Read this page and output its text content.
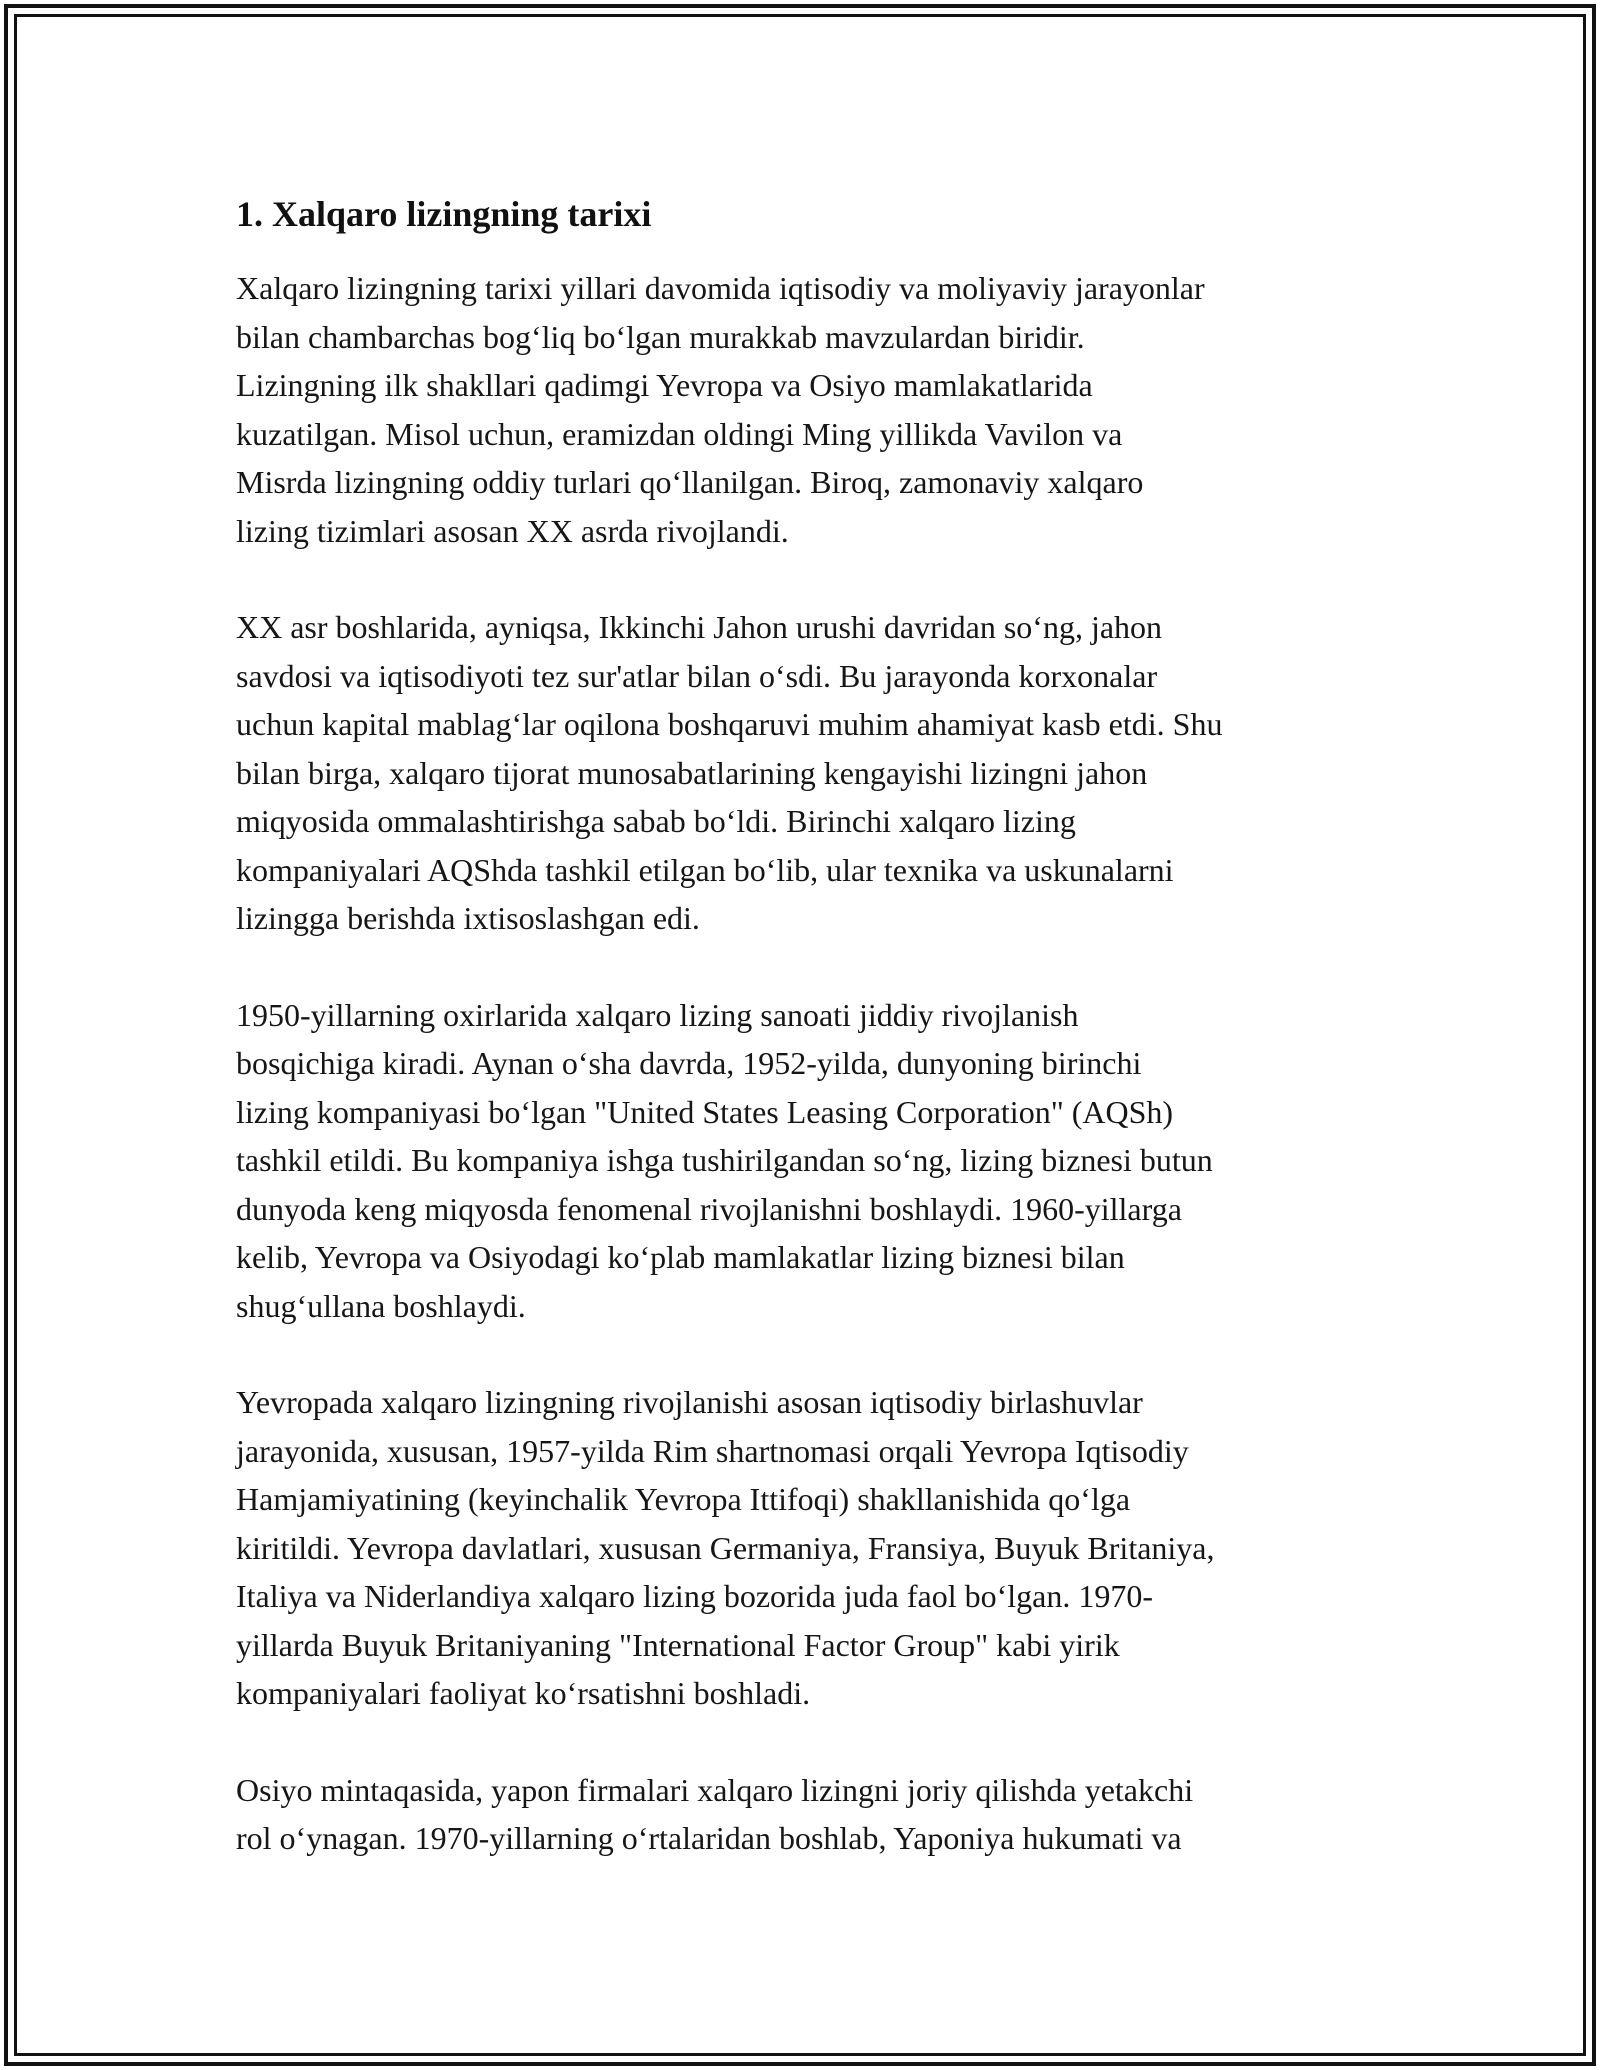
1. Xalqaro lizingning tarixi

Xalqaro lizingning tarixi yillari davomida iqtisodiy va moliyaviy jarayonlar
bilan chambarchas bog‘liq bo‘lgan murakkab mavzulardan biridir.
Lizingning ilk shakllari qadimgi Yevropa va Osiyo mamlakatlarida
kuzatilgan. Misol uchun, eramizdan oldingi Ming yillikda Vavilon va
Misrda lizingning oddiy turlari qo‘llanilgan. Biroq, zamonaviy xalqaro
lizing tizimlari asosan XX asrda rivojlandi.

XX asr boshlarida, ayniqsa, Ikkinchi Jahon urushi davridan so‘ng, jahon
savdosi va iqtisodiyoti tez sur'atlar bilan o‘sdi. Bu jarayonda korxonalar
uchun kapital mablag‘lar oqilona boshqaruvi muhim ahamiyat kasb etdi. Shu
bilan birga, xalqaro tijorat munosabatlarining kengayishi lizingni jahon
miqyosida ommalashtirishga sabab bo‘ldi. Birinchi xalqaro lizing
kompaniyalari AQShda tashkil etilgan bo‘lib, ular texnika va uskunalarni
lizingga berishda ixtisoslashgan edi.

1950-yillarning oxirlarida xalqaro lizing sanoati jiddiy rivojlanish
bosqichiga kiradi. Aynan o‘sha davrda, 1952-yilda, dunyoning birinchi
lizing kompaniyasi bo‘lgan "United States Leasing Corporation" (AQSh)
tashkil etildi. Bu kompaniya ishga tushirilgandan so‘ng, lizing biznesi butun
dunyoda keng miqyosda fenomenal rivojlanishni boshlaydi. 1960-yillarga
kelib, Yevropa va Osiyodagi ko‘plab mamlakatlar lizing biznesi bilan
shug‘ullana boshlaydi.

Yevropada xalqaro lizingning rivojlanishi asosan iqtisodiy birlashuvlar
jarayonida, xususan, 1957-yilda Rim shartnomasi orqali Yevropa Iqtisodiy
Hamjamiyatining (keyinchalik Yevropa Ittifoqi) shakllanishida qo‘lga
kiritildi. Yevropa davlatlari, xususan Germaniya, Fransiya, Buyuk Britaniya,
Italiya va Niderlandiya xalqaro lizing bozorida juda faol bo‘lgan. 1970-
yillarda Buyuk Britaniyaning "International Factor Group" kabi yirik
kompaniyalari faoliyat ko‘rsatishni boshladi.

Osiyo mintaqasida, yapon firmalari xalqaro lizingni joriy qilishda yetakchi
rol o‘ynagan. 1970-yillarning o‘rtalaridan boshlab, Yaponiya hukumati va
